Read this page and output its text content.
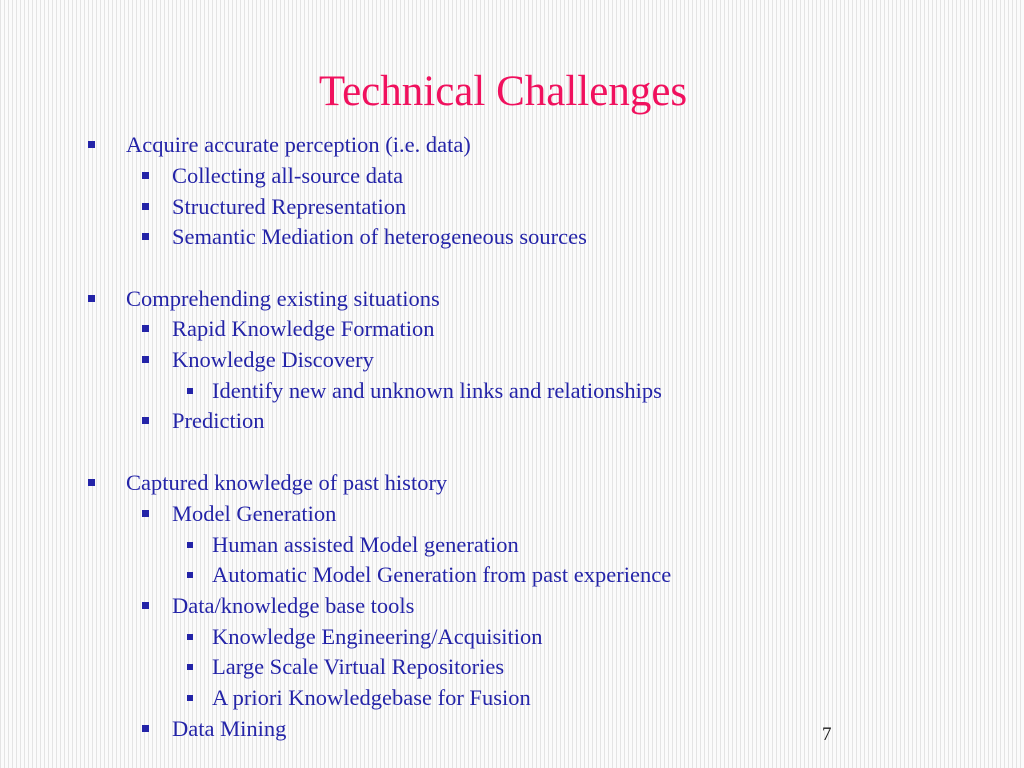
Technical Challenges
Acquire accurate perception (i.e. data)
Collecting all-source data
Structured Representation
Semantic Mediation of heterogeneous sources
Comprehending existing situations
Rapid Knowledge Formation
Knowledge Discovery
Identify new and unknown links and relationships
Prediction
Captured knowledge of past history
Model Generation
Human assisted Model generation
Automatic Model Generation from past experience
Data/knowledge base tools
Knowledge Engineering/Acquisition
Large Scale Virtual Repositories
A priori Knowledgebase for Fusion
Data Mining	7
